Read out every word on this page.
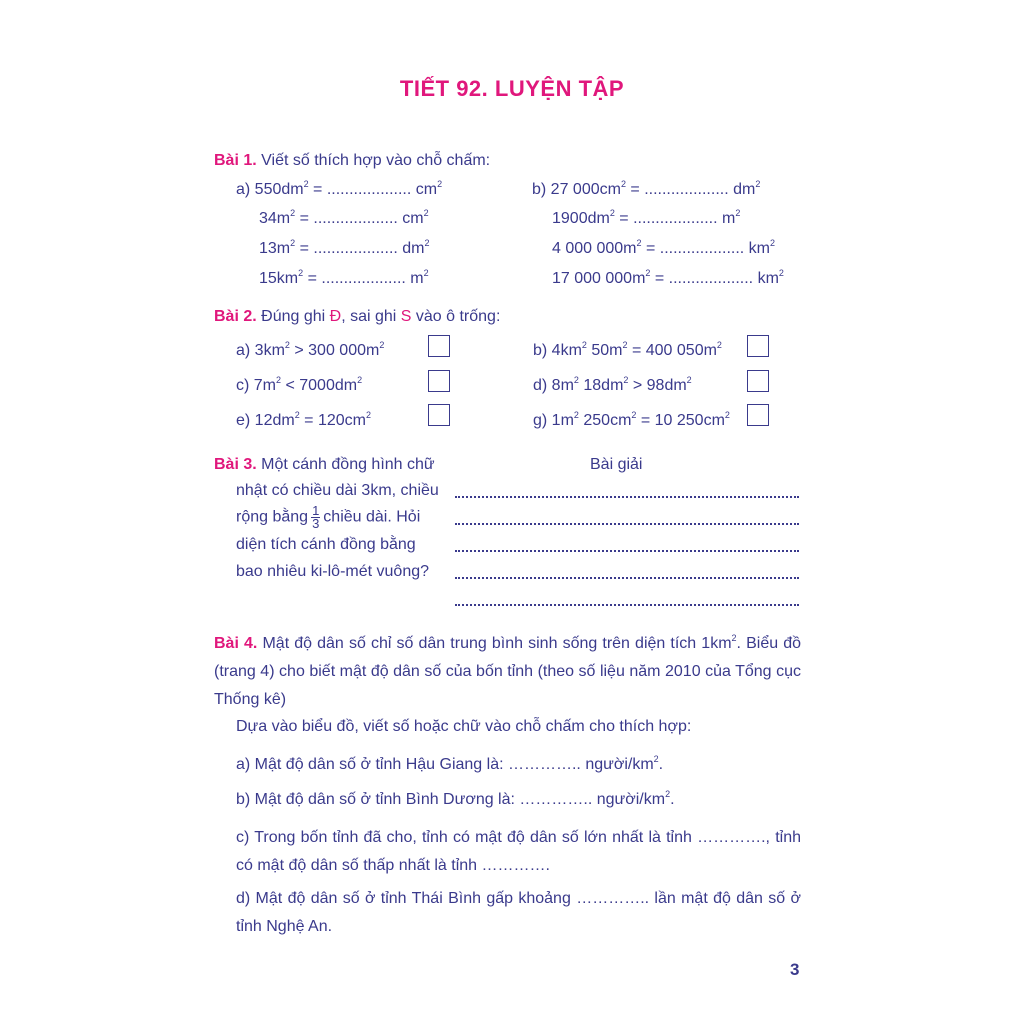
TIẾT 92. LUYỆN TẬP
Bài 1. Viết số thích hợp vào chỗ chấm:
a) $550dm^2$ = ................... $cm^2$
$34m^2$ = ................... $cm^2$
$13m^2$ = ................... $dm^2$
$15km^2$ = ................... $m^2$
b) 27 $000cm^2$ = ................... $dm^2$
$1900dm^2$ = ................... $m^2$
4 000 $000m^2$ = ................... $km^2$
17 000 $000m^2$ = ................... $km^2$
Bài 2. Đúng ghi Đ, sai ghi S vào ô trống:
a) $3km^2 > 300$ $000m^2$
c) $7m^2 < 7000dm^2$
e) $12dm^2 = 120cm^2$
b) $4km^2$ $50m^2 = 400$ $050m^2$
d) $8m^2$ $18dm^2 > 98dm^2$
g) $1m^2$ $250cm^2 = 10$ $250cm^2$
Bài 3. Một cánh đồng hình chữ
nhật có chiều dài 3km, chiều
rộng bằng $\frac{1}{3}$ chiều dài. Hỏi
diện tích cánh đồng bằng
bao nhiêu ki-lô-mét vuông?
Bài giải
Bài 4. Mật độ dân số chỉ số dân trung bình sinh sống trên diện tích $1km^2$. Biểu đồ (trang 4) cho biết mật độ dân số của bốn tỉnh (theo số liệu năm 2010 của Tổng cục Thống kê)
Dựa vào biểu đồ, viết số hoặc chữ vào chỗ chấm cho thích hợp:
a) Mật độ dân số ở tỉnh Hậu Giang là: ………….. người/$km^2$.
b) Mật độ dân số ở tỉnh Bình Dương là: ………….. người/$km^2$.
c) Trong bốn tỉnh đã cho, tỉnh có mật độ dân số lớn nhất là tỉnh …………., tỉnh có mật độ dân số thấp nhất là tỉnh ………….
d) Mật độ dân số ở tỉnh Thái Bình gấp khoảng ………….. lần mật độ dân số ở tỉnh Nghệ An.
3
